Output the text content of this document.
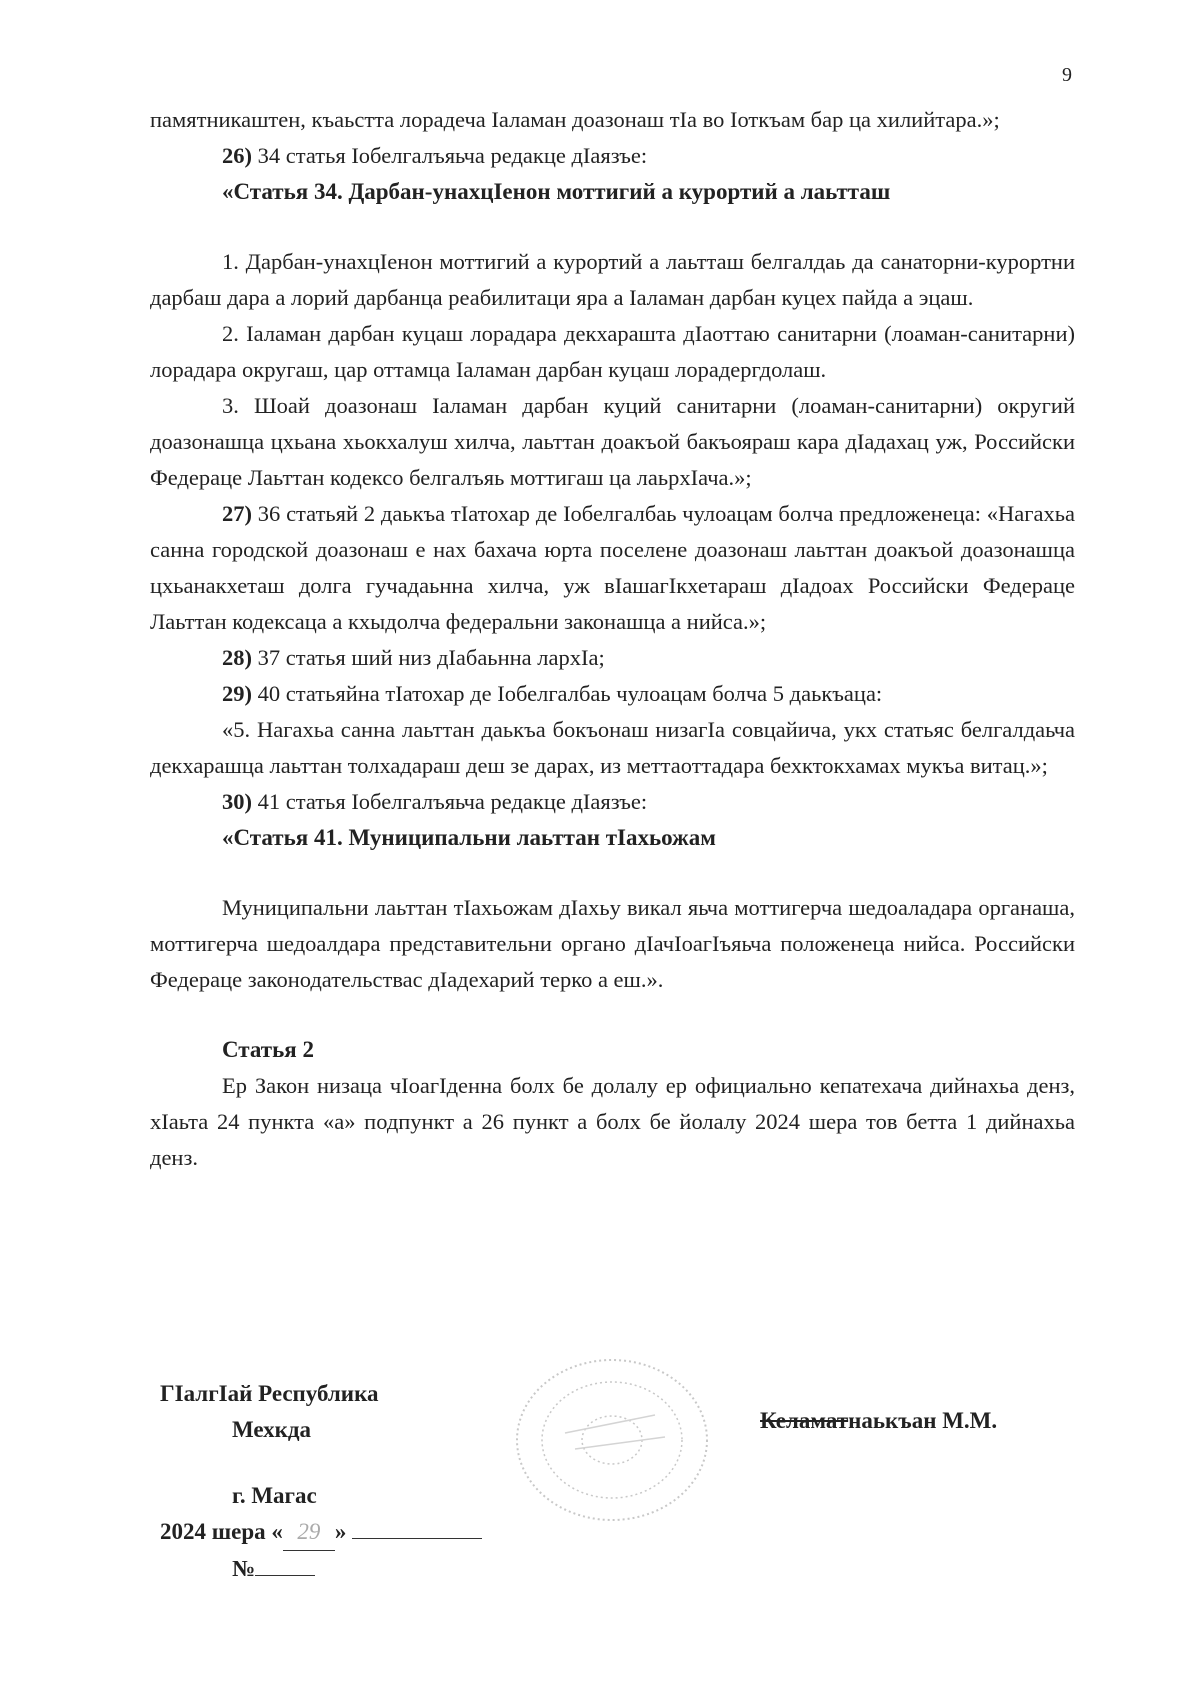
9

памятникаштен, къаьстта лорадеча Iаламан доазонаш тIа во Iоткъам бар ца хилийтара.»;

26) 34 статья Iобелгалъяьча редакце дIаязъе:

«Статья 34. Дарбан-унахцIенон моттигий а курортий а лаьтташ

1. Дарбан-унахцIенон моттигий а курортий а лаьтташ белгалдаь да санаторни-курортни дарбаш дара а лорий дарбанца реабилитаци яра а Iаламан дарбан куцех пайда а эцаш.

2. Iаламан дарбан куцаш лорадара декхарашта дIаоттаю санитарни (лоаман-санитарни) лорадара округаш, цар оттамца Iаламан дарбан куцаш лорадергдолаш.

3. Шоай доазонаш Iаламан дарбан куций санитарни (лоаман-санитарни) округий доазонашца цхьана хьокхалуш хилча, лаьттан доакъой бакъояраш кара дIадахац уж, Российски Федераце Лаьттан кодексо белгалъяь моттигаш ца лаьрхIача.»;

27) 36 статьяй 2 даькъа тIатохар де Iобелгалбаь чулоацам болча предложенеца: «Нагахьа санна городской доазонаш е нах бахача юрта поселене доазонаш лаьттан доакъой доазонашца цхьанакхеташ долга гучадаьнна хилча, уж вIашагIкхетараш дIадоах Российски Федераце Лаьттан кодексаца а кхыдолча федеральни законашца а нийса.»;

28) 37 статья ший низ дIабаьнна лархIа;

29) 40 статьяйна тIатохар де Iобелгалбаь чулоацам болча 5 даькъаца:

«5. Нагахьа санна лаьттан даькъа бокъонаш низагIа совцайича, укх статьяс белгалдаьча декхарашца лаьттан толхадараш деш зе дарах, из меттаоттадара бехктокхамах мукъа витац.»;

30) 41 статья Iобелгалъяьча редакце дIаязъе:

«Статья 41. Муниципальни лаьттан тIахьожам

Муниципальни лаьттан тIахьожам дIахьу викал яьча моттигерча шедоаладара органаша, моттигерча шедоалдара представительни органо дIачIоагIъяьча положенеца нийса. Российски Федераце законодательствас дIадехарий терко а еш.».

Статья 2

Ер Закон низаца чIоагIденна болх бе долалу ер официально кепатехача дийнахьа денз, хIаьта 24 пункта «а» подпункт а 26 пункт а болх бе йолалу 2024 шера тов бетта 1 дийнахьа денз.

ГIалгIай Республика
Мехкда	Келаматнаькъан М.М.
г. Магас
2024 шера « 29 »
№
